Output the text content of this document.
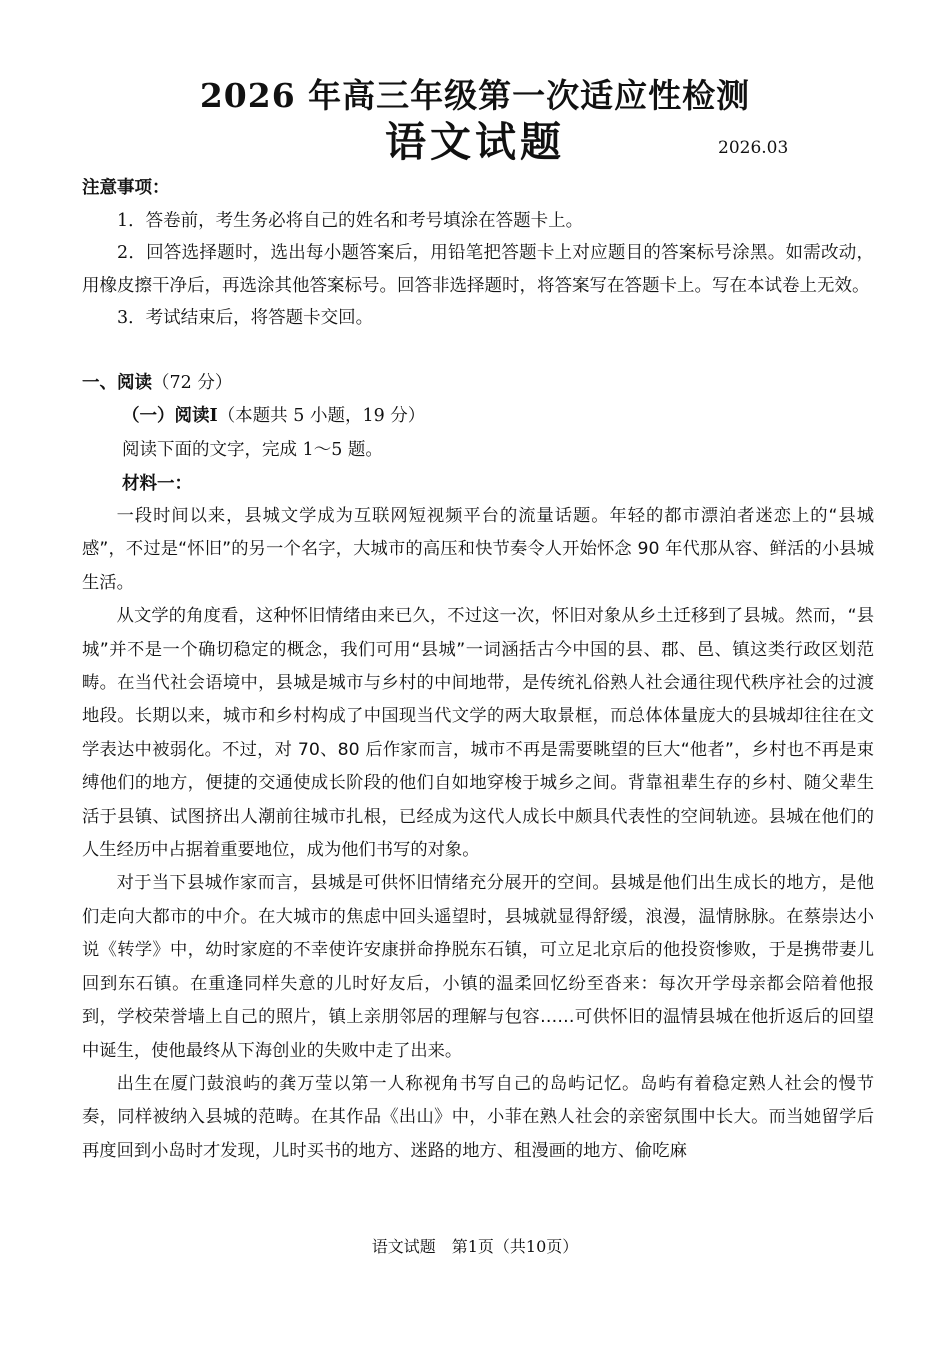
2026 年高三年级第一次适应性检测
语文试题	2026.03
注意事项：

1．答卷前，考生务必将自己的姓名和考号填涂在答题卡上。

2．回答选择题时，选出每小题答案后，用铅笔把答题卡上对应题目的答案标号涂黑。如需改动，用橡皮擦干净后，再选涂其他答案标号。回答非选择题时，将答案写在答题卡上。写在本试卷上无效。

3．考试结束后，将答题卡交回。

一、阅读（72 分）
（一）阅读I（本题共 5 小题，19 分）
阅读下面的文字，完成 1～5 题。
材料一：

一段时间以来，县城文学成为互联网短视频平台的流量话题。年轻的都市漂泊者迷恋上的“县城感”，不过是“怀旧”的另一个名字，大城市的高压和快节奏令人开始怀念 90 年代那从容、鲜活的小县城生活。

从文学的角度看，这种怀旧情绪由来已久，不过这一次，怀旧对象从乡土迁移到了县城。然而，“县城”并不是一个确切稳定的概念，我们可用“县城”一词涵括古今中国的县、郡、邑、镇这类行政区划范畴。在当代社会语境中，县城是城市与乡村的中间地带，是传统礼俗熟人社会通往现代秩序社会的过渡地段。长期以来，城市和乡村构成了中国现当代文学的两大取景框，而总体体量庞大的县城却往往在文学表达中被弱化。不过，对 70、80 后作家而言，城市不再是需要眺望的巨大“他者”，乡村也不再是束缚他们的地方，便捷的交通使成长阶段的他们自如地穿梭于城乡之间。背靠祖辈生存的乡村、随父辈生活于县镇、试图挤出人潮前往城市扎根，已经成为这代人成长中颇具代表性的空间轨迹。县城在他们的人生经历中占据着重要地位，成为他们书写的对象。

对于当下县城作家而言，县城是可供怀旧情绪充分展开的空间。县城是他们出生成长的地方，是他们走向大都市的中介。在大城市的焦虑中回头遥望时，县城就显得舒缓，浪漫，温情脉脉。在蔡崇达小说《转学》中，幼时家庭的不幸使许安康拼命挣脱东石镇，可立足北京后的他投资惨败，于是携带妻儿回到东石镇。在重逢同样失意的儿时好友后，小镇的温柔回忆纷至沓来：每次开学母亲都会陪着他报到，学校荣誉墙上自己的照片，镇上亲朋邻居的理解与包容……可供怀旧的温情县城在他折返后的回望中诞生，使他最终从下海创业的失败中走了出来。

出生在厦门鼓浪屿的龚万莹以第一人称视角书写自己的岛屿记忆。岛屿有着稳定熟人社会的慢节奏，同样被纳入县城的范畴。在其作品《出山》中，小菲在熟人社会的亲密氛围中长大。而当她留学后再度回到小岛时才发现，儿时买书的地方、迷路的地方、租漫画的地方、偷吃麻

语文试题　第1页（共10页）
